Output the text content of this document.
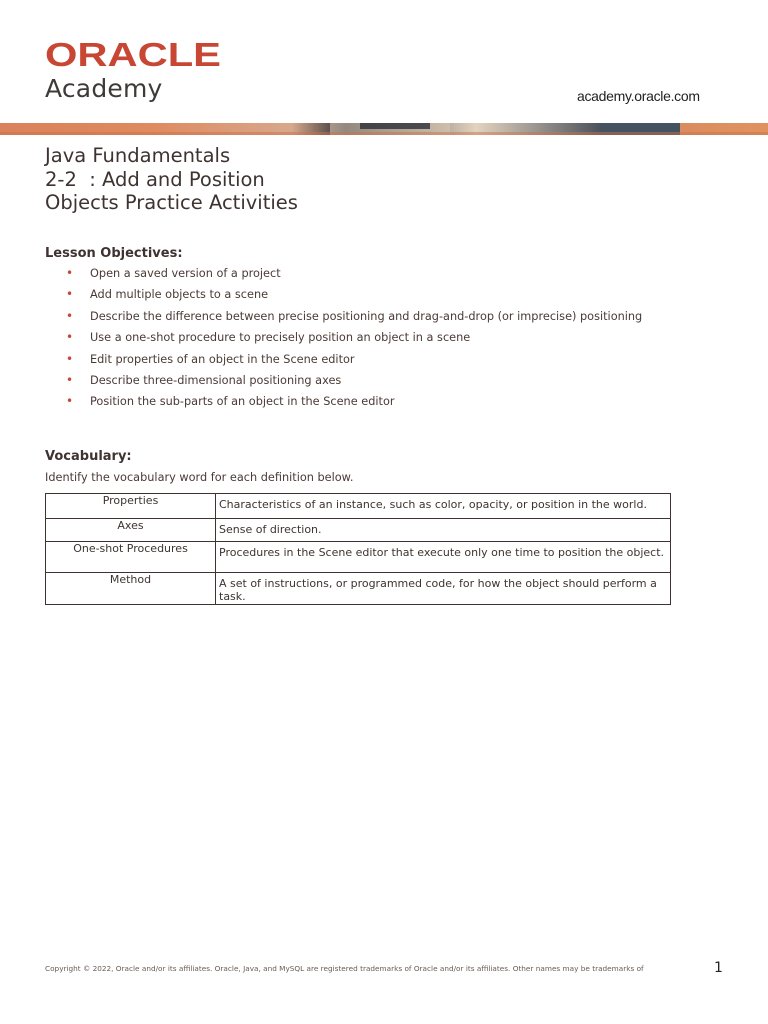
ORACLE
Academy	academy.oracle.com
Java Fundamentals
2-2  : Add and Position
Objects Practice Activities
Lesson Objectives:
• Open a saved version of a project
• Add multiple objects to a scene
• Describe the difference between precise positioning and drag-and-drop (or imprecise) positioning
• Use a one-shot procedure to precisely position an object in a scene
• Edit properties of an object in the Scene editor
• Describe three-dimensional positioning axes
• Position the sub-parts of an object in the Scene editor
Vocabulary:
Identify the vocabulary word for each definition below.
Properties	Characteristics of an instance, such as color, opacity, or position in the world.
Axes	Sense of direction.
One-shot Procedures	Procedures in the Scene editor that execute only one time to position the object.
Method	A set of instructions, or programmed code, for how the object should perform a task.
Copyright © 2022, Oracle and/or its affiliates. Oracle, Java, and MySQL are registered trademarks of Oracle and/or its affiliates. Other names may be trademarks of	1
